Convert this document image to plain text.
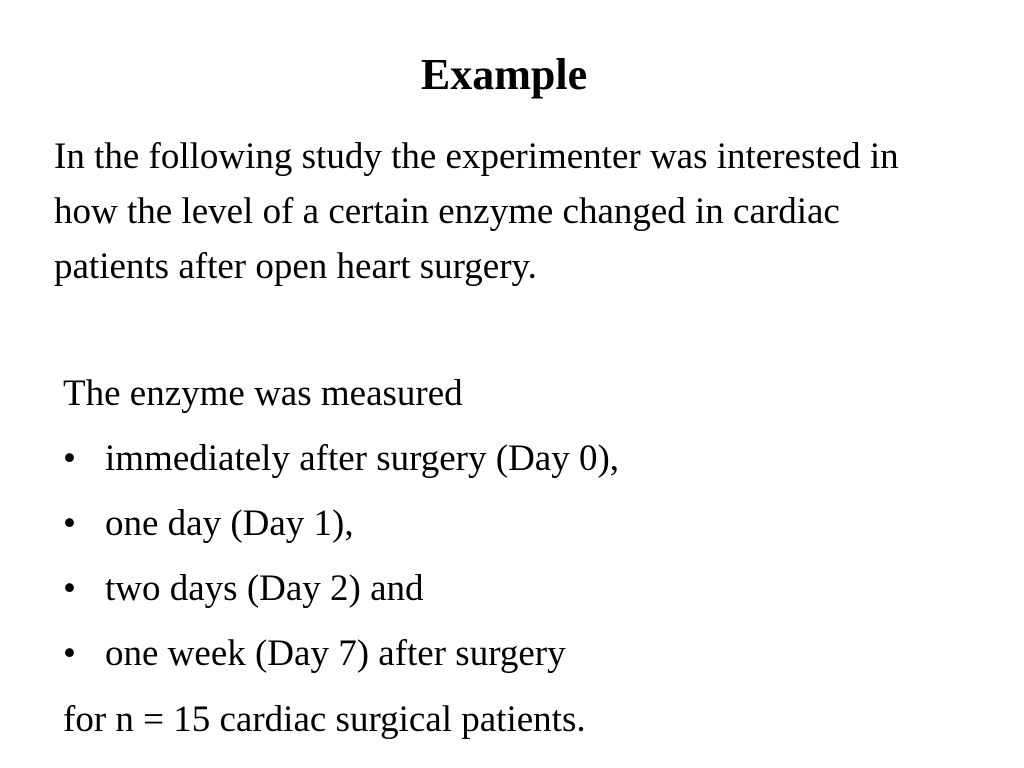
Example

In the following study the experimenter was interested in how the level of a certain enzyme changed in cardiac patients after open heart surgery.

The enzyme was measured

• immediately after surgery (Day 0),
• one day (Day 1),
• two days (Day 2) and
• one week (Day 7) after surgery

for n = 15 cardiac surgical patients.
